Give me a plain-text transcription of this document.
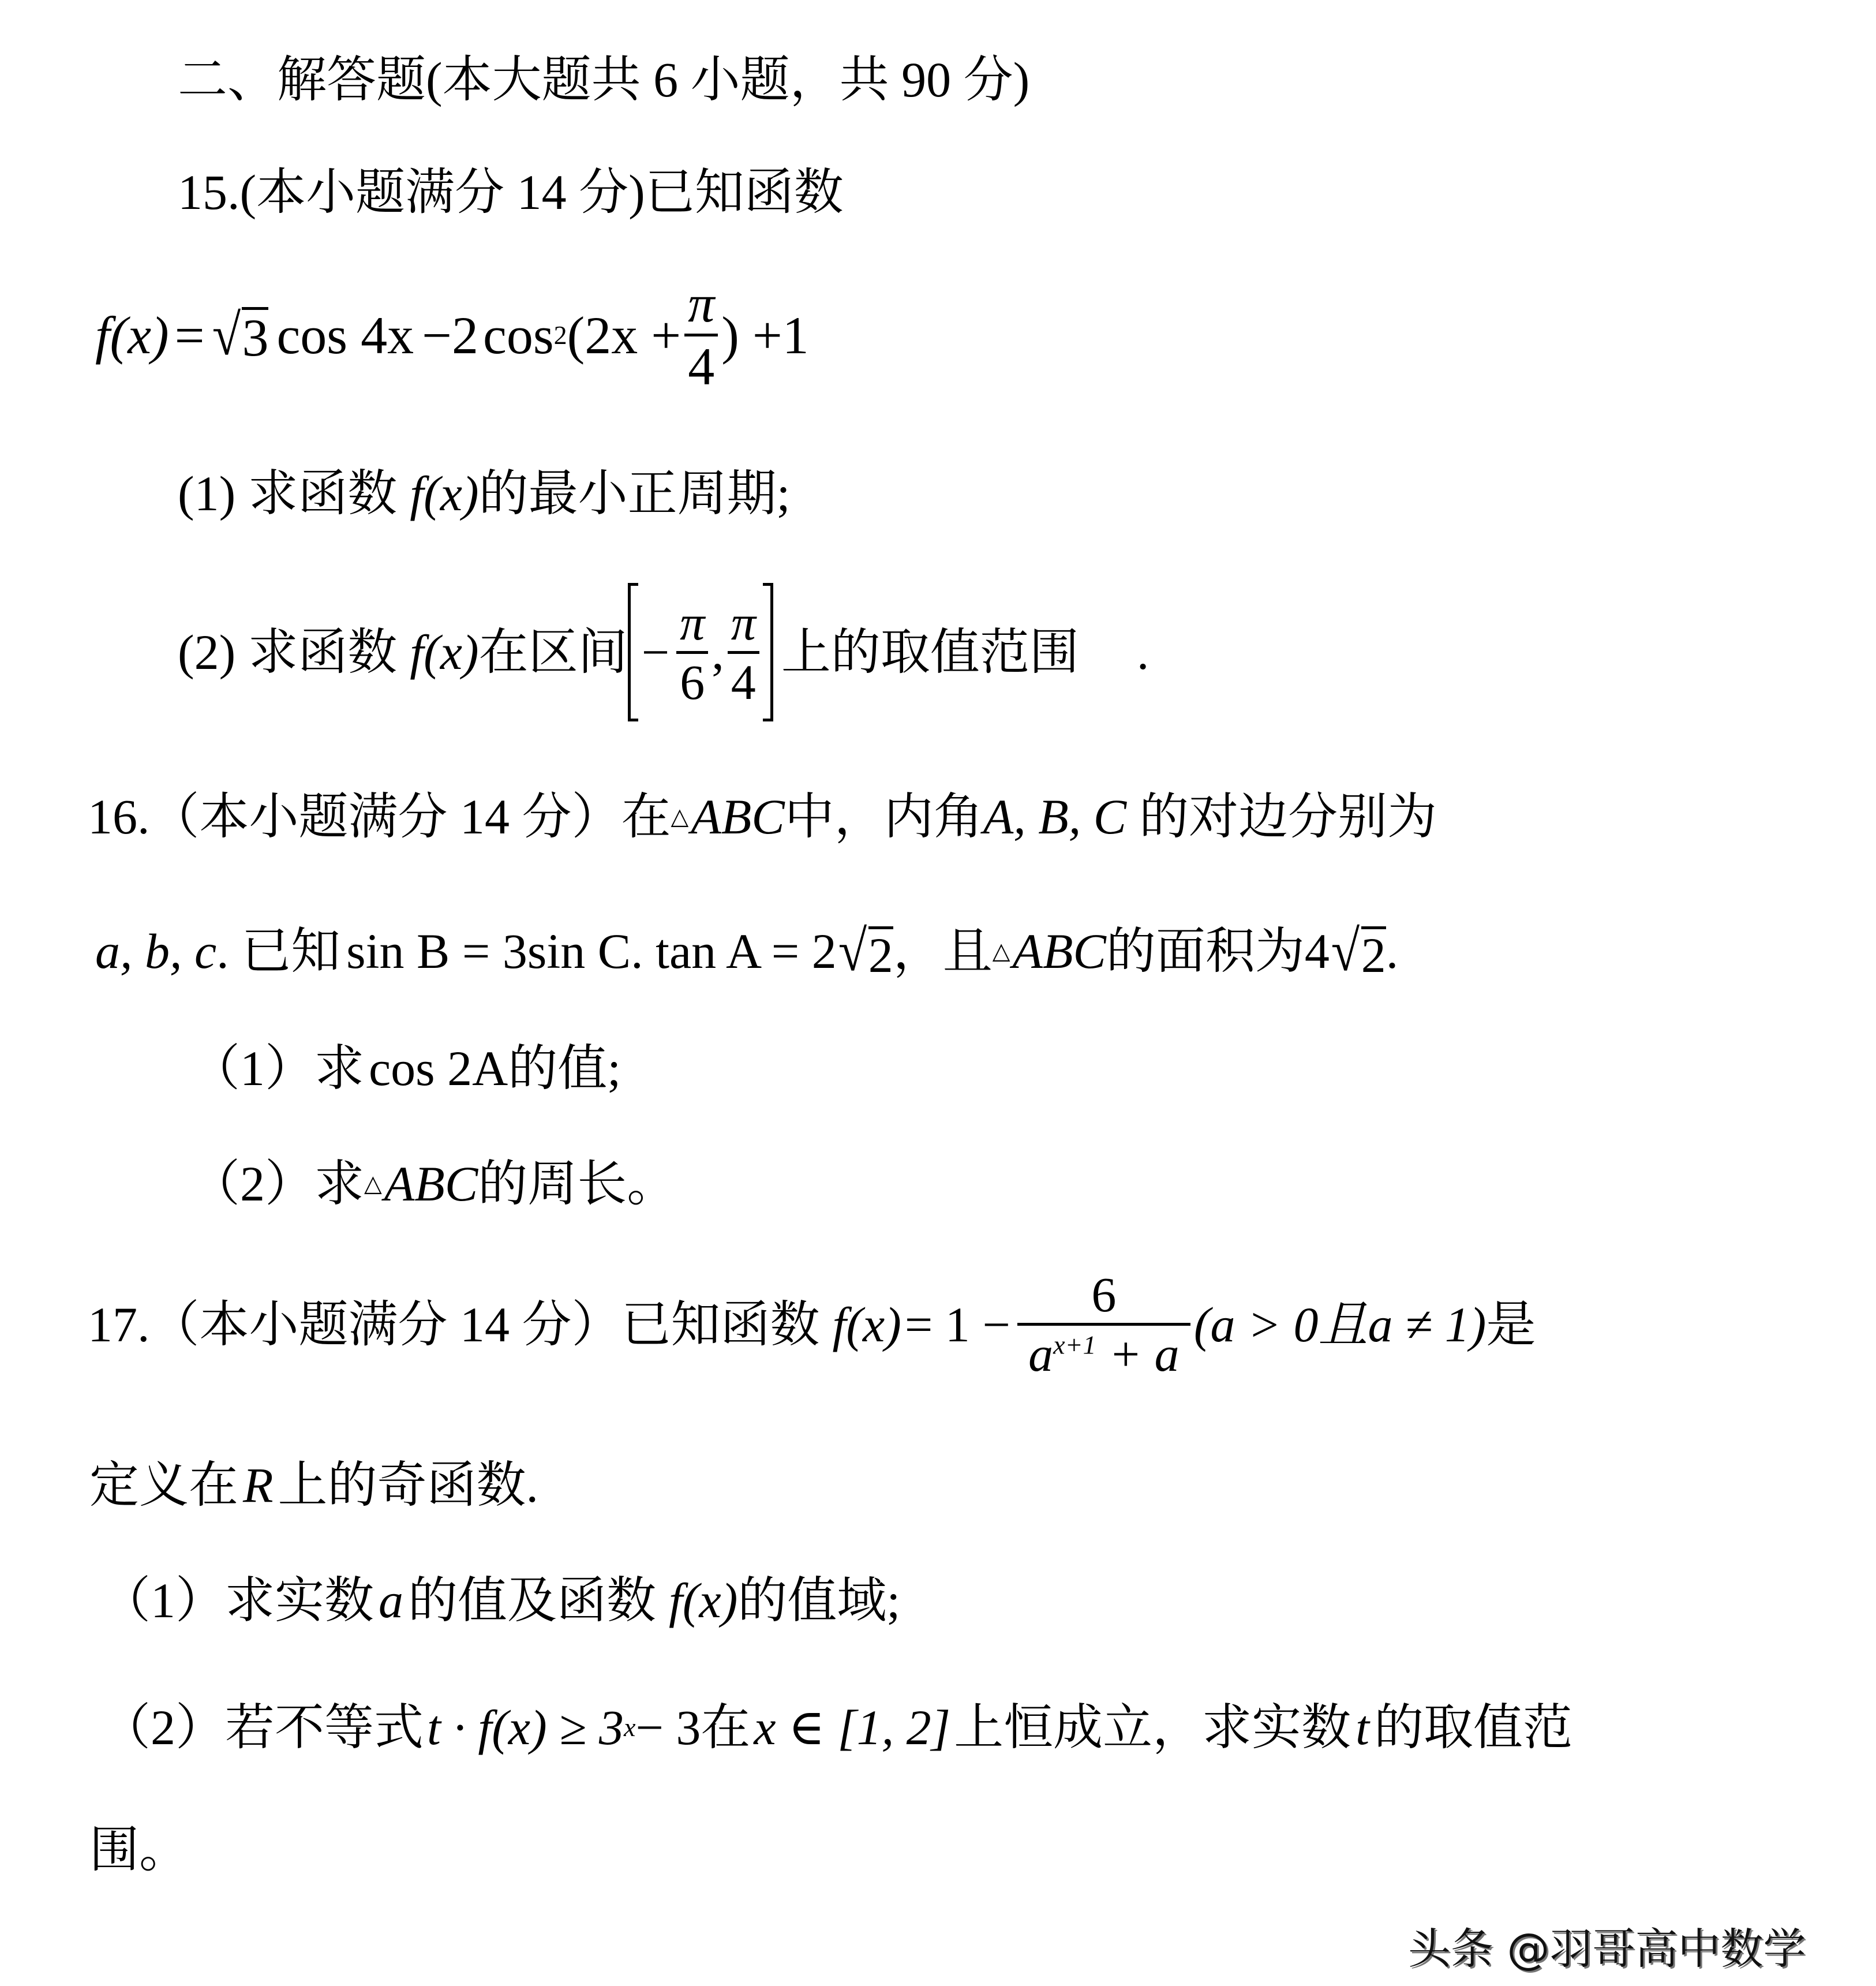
二、解答题(本大题共 6 小题，共 90 分)
15. (本小题满分 14 分)已知函数
f(x) = √ 3 cos 4x −2 cos 2 (2x +
π
4
) +1
(1) 求函数 f(x) 的最小正周期;
(2) 求函数 f(x) 在区间 −
π
6
,
π
4
上的取值范围 .
16. （本小题满分 14 分）在 △ ABC 中，内角 A, B, C 的对边分别为
a, b, c . 已知 sin B = 3sin C. tan A = 2 √ 2 ，且 △ ABC 的面积为 4 √ 2 .
（1） 求 cos 2A 的值;
（2） 求 △ ABC 的周长。
17. （本小题满分 14 分）已知函数 f(x) = 1 −
6
$a^{x+1} + a$
(a > 0且a ≠ 1) 是
定义在 R 上的奇函数.
（1） 求实数 a 的值及函数 f(x) 的值域;
（2） 若不等式 t · f(x) ≥ 3 x − 3 在 x ∈ [1, 2] 上恒成立，求实数 t 的取值范
围。
头条 @羽哥高中数学
